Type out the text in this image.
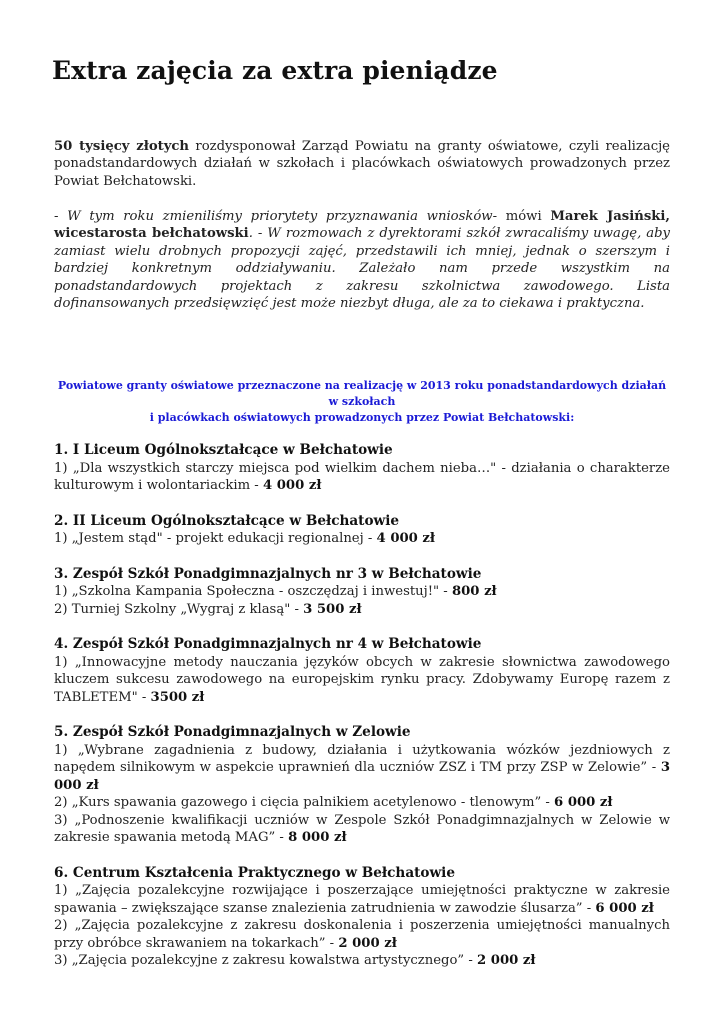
Extra zajęcia za extra pieniądze
50 tysięcy złotych rozdysponował Zarząd Powiatu na granty oświatowe, czyli realizację ponadstandardowych działań w szkołach i placówkach oświatowych prowadzonych przez Powiat Bełchatowski.
- W tym roku zmieniliśmy priorytety przyznawania wniosków- mówi Marek Jasiński, wicestarosta bełchatowski. - W rozmowach z dyrektorami szkół zwracaliśmy uwagę, aby zamiast wielu drobnych propozycji zajęć, przedstawili ich mniej, jednak o szerszym i bardziej konkretnym oddziaływaniu. Zależało nam przede wszystkim na ponadstandardowych projektach z zakresu szkolnictwa zawodowego. Lista dofinansowanych przedsięwzięć jest może niezbyt długa, ale za to ciekawa i praktyczna.
Powiatowe granty oświatowe przeznaczone na realizację w 2013 roku ponadstandardowych działań w szkołach
i placówkach oświatowych prowadzonych przez Powiat Bełchatowski:
1. I Liceum Ogólnokształcące w Bełchatowie
1) „Dla wszystkich starczy miejsca pod wielkim dachem nieba…" - działania o charakterze kulturowym i wolontariackim - 4 000 zł
2. II Liceum Ogólnokształcące w Bełchatowie
1) „Jestem stąd" - projekt edukacji regionalnej - 4 000 zł
3. Zespół Szkół Ponadgimnazjalnych nr 3 w Bełchatowie
1) „Szkolna Kampania Społeczna - oszczędzaj i inwestuj!" - 800 zł
2) Turniej Szkolny „Wygraj z klasą" - 3 500 zł
4. Zespół Szkół Ponadgimnazjalnych nr 4 w Bełchatowie
1) „Innowacyjne metody nauczania języków obcych w zakresie słownictwa zawodowego kluczem sukcesu zawodowego na europejskim rynku pracy. Zdobywamy Europę razem z TABLETEM" - 3500 zł
5. Zespół Szkół Ponadgimnazjalnych w Zelowie
1) „Wybrane zagadnienia z budowy, działania i użytkowania wózków jezdniowych z napędem silnikowym w aspekcie uprawnień dla uczniów ZSZ i TM przy ZSP w Zelowie” - 3 000 zł
2) „Kurs spawania gazowego i cięcia palnikiem acetylenowo - tlenowym” - 6 000 zł
3) „Podnoszenie kwalifikacji uczniów w Zespole Szkół Ponadgimnazjalnych w Zelowie w zakresie spawania metodą MAG” - 8 000 zł
6. Centrum Kształcenia Praktycznego w Bełchatowie
1) „Zajęcia pozalekcyjne rozwijające i poszerzające umiejętności praktyczne w zakresie spawania – zwiększające szanse znalezienia zatrudnienia w zawodzie ślusarza” - 6 000 zł
2) „Zajęcia pozalekcyjne z zakresu doskonalenia i poszerzenia umiejętności manualnych przy obróbce skrawaniem na tokarkach” - 2 000 zł
3) „Zajęcia pozalekcyjne z zakresu kowalstwa artystycznego” - 2 000 zł
